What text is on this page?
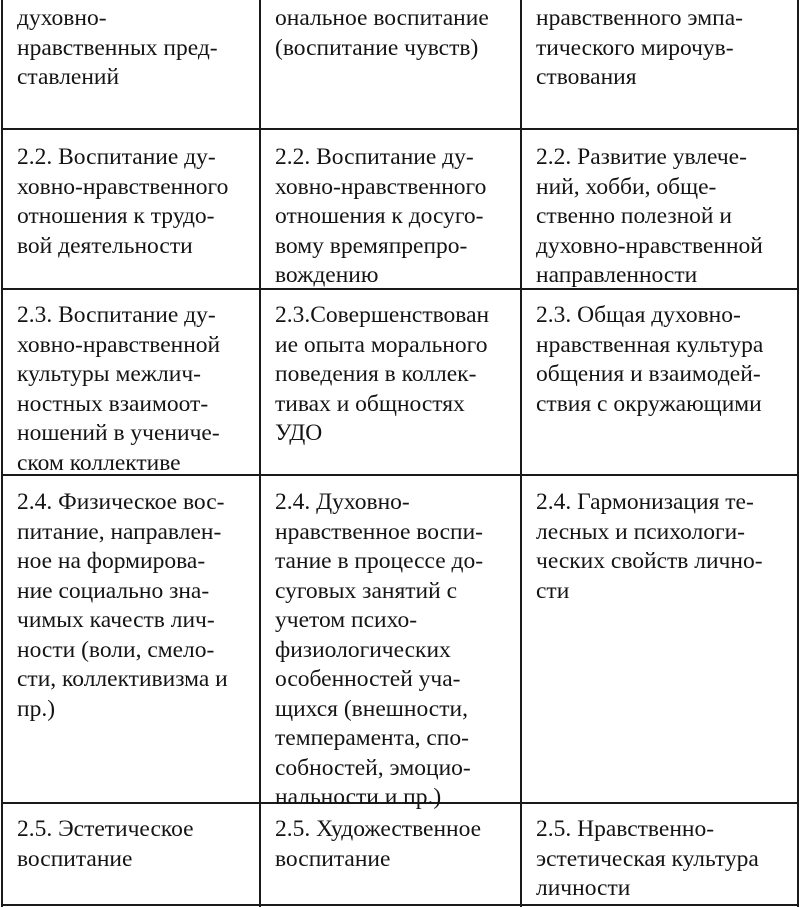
духовно-
нравственных пред-
ставлений
ональное воспитание
(воспитание чувств)
нравственного эмпа-
тического мирочув-
ствования
2.2. Воспитание ду-
ховно-нравственного
отношения к трудо-
вой деятельности
2.2. Воспитание ду-
ховно-нравственного
отношения к досуго-
вому времяпрепро-
вождению
2.2. Развитие увлече-
ний, хобби, обще-
ственно полезной и
духовно-нравственной
направленности
2.3. Воспитание ду-
ховно-нравственной
культуры межлич-
ностных взаимоот-
ношений в учениче-
ском коллективе
2.3.Совершенствован
ие опыта морального
поведения в коллек-
тивах и общностях
УДО
2.3. Общая духовно-
нравственная культура
общения и взаимодей-
ствия с окружающими
2.4. Физическое вос-
питание, направлен-
ное на формирова-
ние социально зна-
чимых качеств лич-
ности (воли, смело-
сти, коллективизма и
пр.)
2.4. Духовно-
нравственное воспи-
тание в процессе до-
суговых занятий с
учетом психо-
физиологических
особенностей уча-
щихся (внешности,
темперамента, спо-
собностей, эмоцио-
нальности и пр.)
2.4. Гармонизация те-
лесных и психологи-
ческих свойств лично-
сти
2.5. Эстетическое
воспитание
2.5. Художественное
воспитание
2.5. Нравственно-
эстетическая культура
личности
